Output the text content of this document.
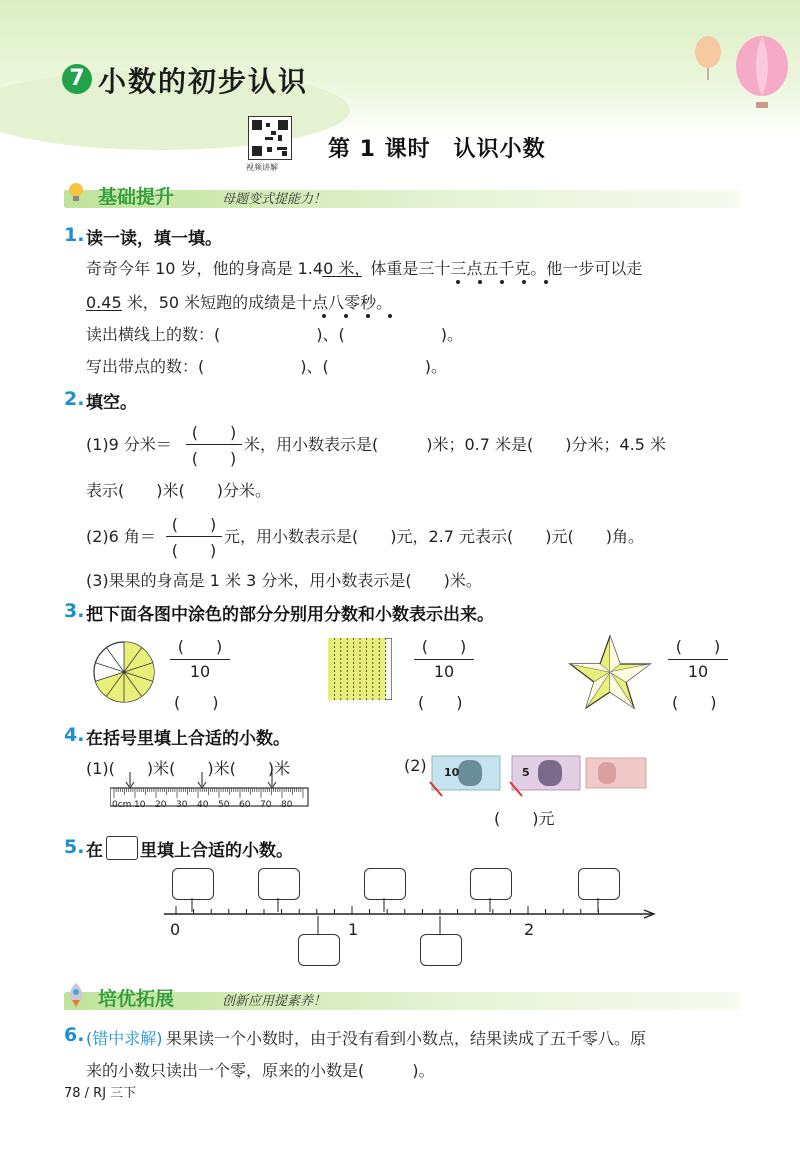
7 小数的初步认识
视频讲解
第 1 课时　认识小数
基础提升	母题变式提能力！
1. 读一读，填一填。
奇奇今年 10 岁，他的身高是 1.40 米，体重是三十三点五千克。他一步可以走
0.45 米，50 米短跑的成绩是十点八零秒。
读出横线上的数：(　　　　　　)、(　　　　　　)。
写出带点的数：(　　　　　　)、(　　　　　　)。
2. 填空。
(1)9 分米＝
(　　)
(　　)
米，用小数表示是(　　　)米；0.7 米是(　　)分米；4.5 米
表示(　　)米(　　)分米。
(2)6 角＝
(　　)
(　　)
元，用小数表示是(　　)元，2.7 元表示(　　)元(　　)角。
(3)果果的身高是 1 米 3 分米，用小数表示是(　　)米。
3. 把下面各图中涂色的部分分别用分数和小数表示出来。
(　　)
10
(　　)
(　　)
10
(　　)
(　　)
10
(　　)
4. 在括号里填上合适的小数。
(1)(　　)米(　　)米(　　)米
0cm 10 20 30 40 50 60 70 80
(2) 10	5
(　　)元
5. 在 里填上合适的小数。
0	1	2
培优拓展	创新应用提素养！
6. (错中求解) 果果读一个小数时，由于没有看到小数点，结果读成了五千零八。原
来的小数只读出一个零，原来的小数是(　　　)。
78 / RJ 三下
